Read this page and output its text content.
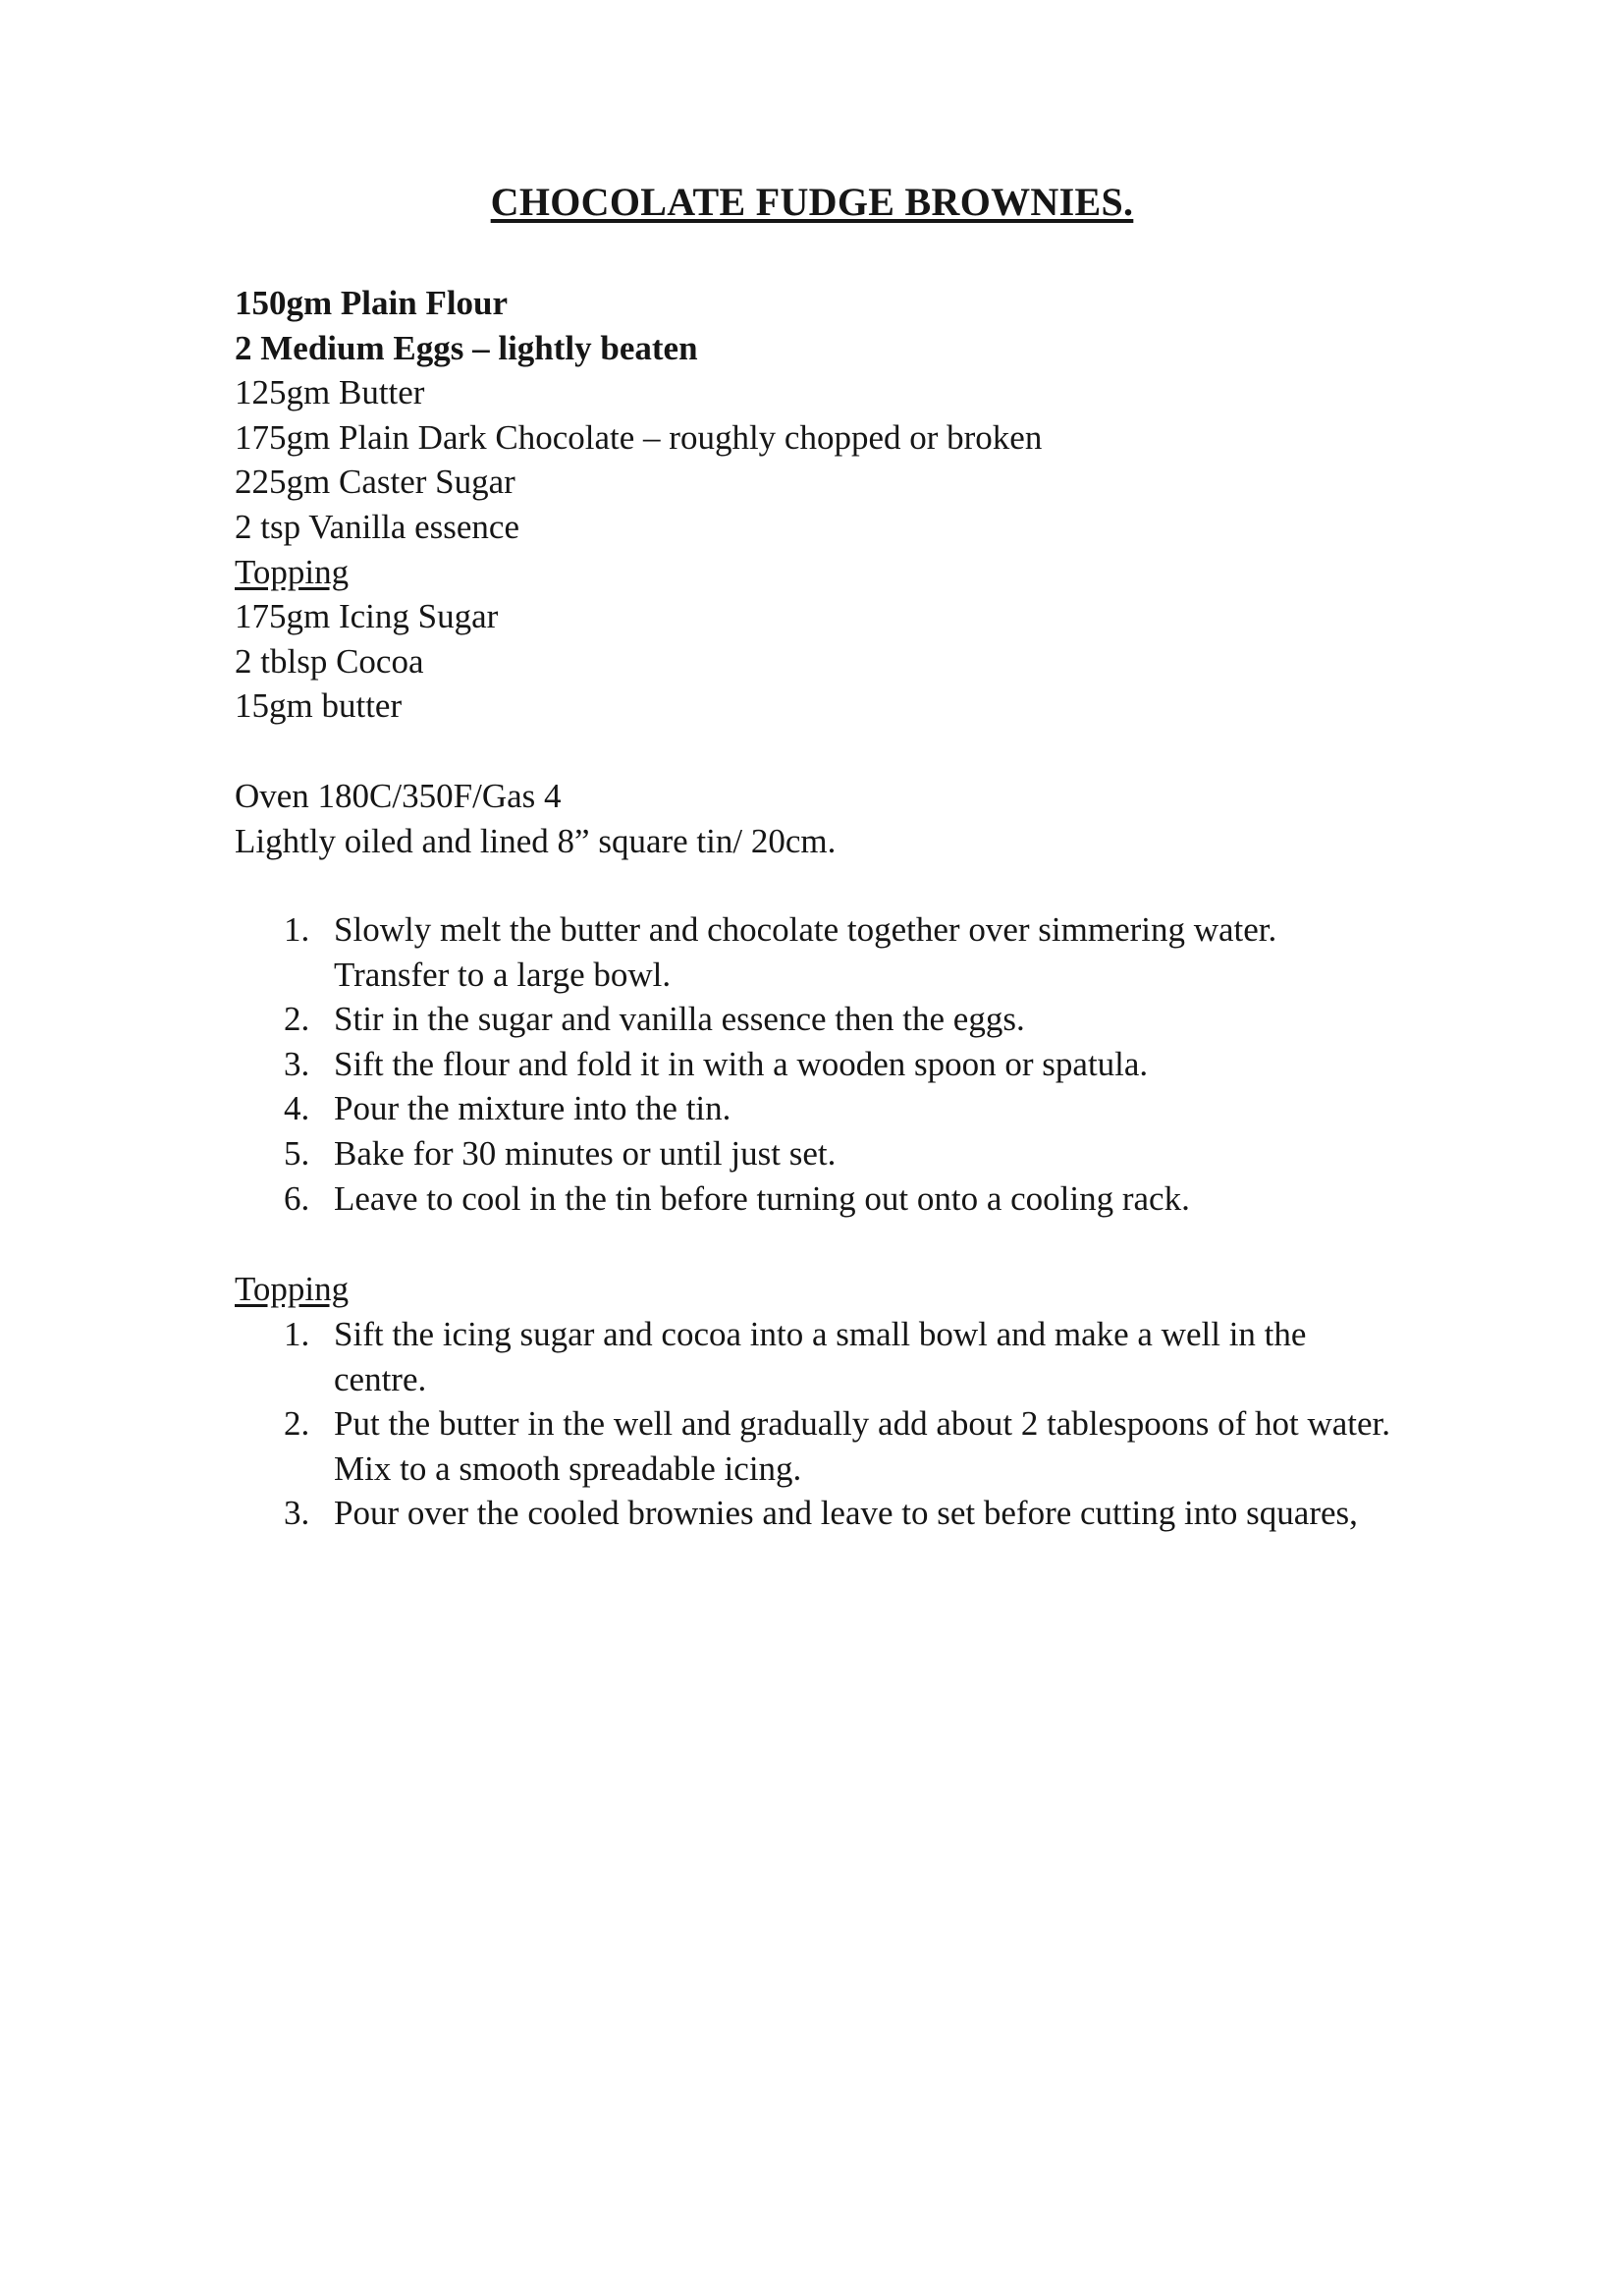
CHOCOLATE FUDGE BROWNIES.
150gm Plain Flour
2 Medium Eggs – lightly beaten
125gm Butter
175gm Plain Dark Chocolate – roughly chopped or broken
225gm Caster Sugar
2 tsp Vanilla essence
Topping
175gm Icing Sugar
2 tblsp Cocoa
15gm butter
Oven 180C/350F/Gas 4
Lightly oiled and lined 8” square tin/ 20cm.
1. Slowly melt the butter and chocolate together over simmering water. Transfer to a large bowl.
2. Stir in the sugar and vanilla essence then the eggs.
3. Sift the flour and fold it in with a wooden spoon or spatula.
4. Pour the mixture into the tin.
5. Bake for 30 minutes or until just set.
6. Leave to cool in the tin before turning out onto a cooling rack.
Topping
1. Sift the icing sugar and cocoa into a small bowl and make a well in the centre.
2. Put the butter in the well and gradually add about 2 tablespoons of hot water. Mix to a smooth spreadable icing.
3. Pour over the cooled brownies and leave to set before cutting into squares,
